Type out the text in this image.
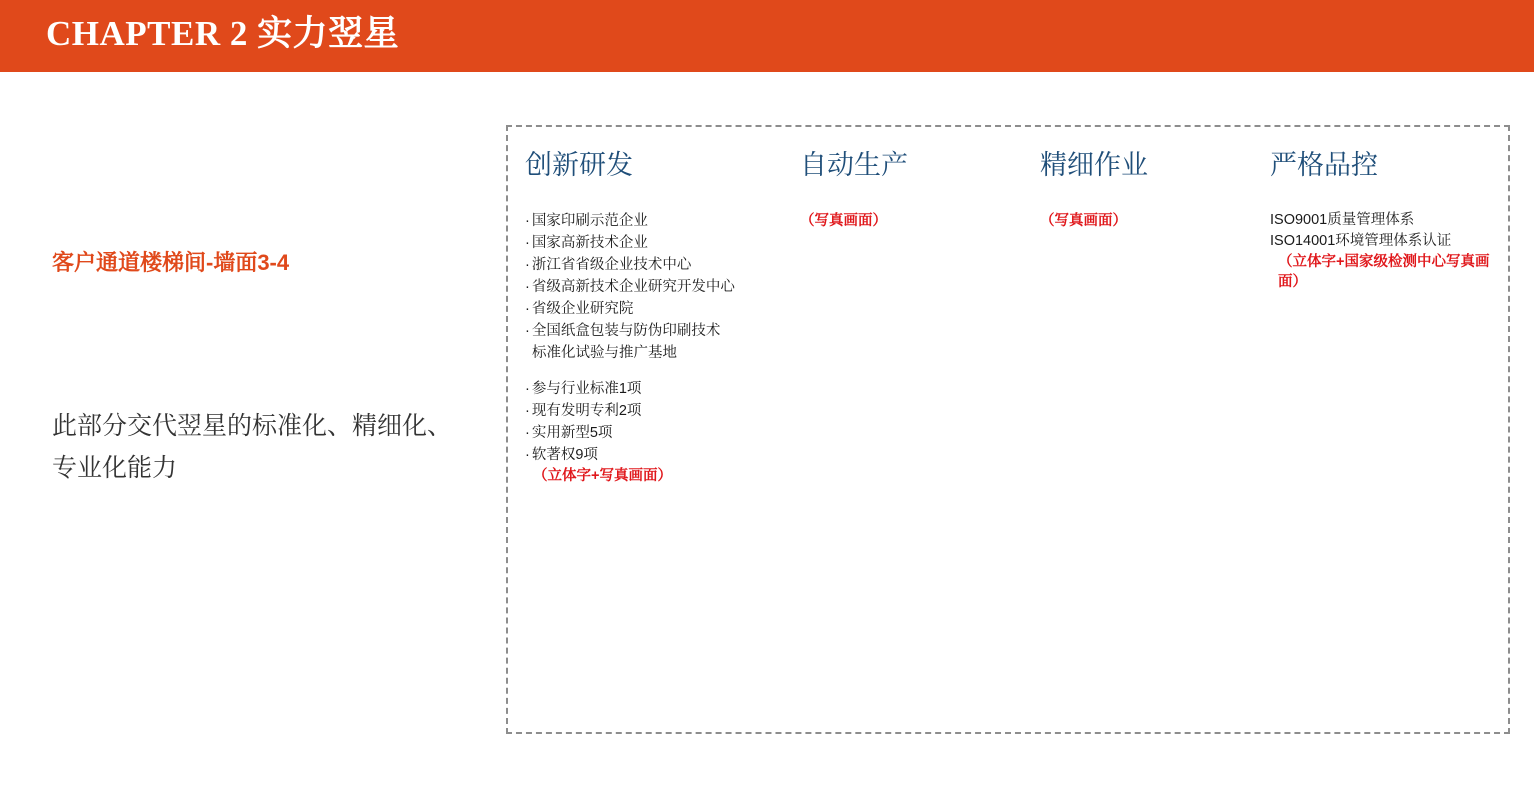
CHAPTER 2 实力翌星
客户通道楼梯间-墙面3-4
此部分交代翌星的标准化、精细化、专业化能力
创新研发
· 国家印刷示范企业
· 国家高新技术企业
· 浙江省省级企业技术中心
· 省级高新技术企业研究开发中心
· 省级企业研究院
· 全国纸盒包装与防伪印刷技术
标准化试验与推广基地
· 参与行业标准1项
· 现有发明专利2项
· 实用新型5项
· 软著权9项
（立体字+写真画面）
自动生产
（写真画面）
精细作业
（写真画面）
严格品控
ISO9001质量管理体系
ISO14001环境管理体系认证
（立体字+国家级检测中心写真画面）
